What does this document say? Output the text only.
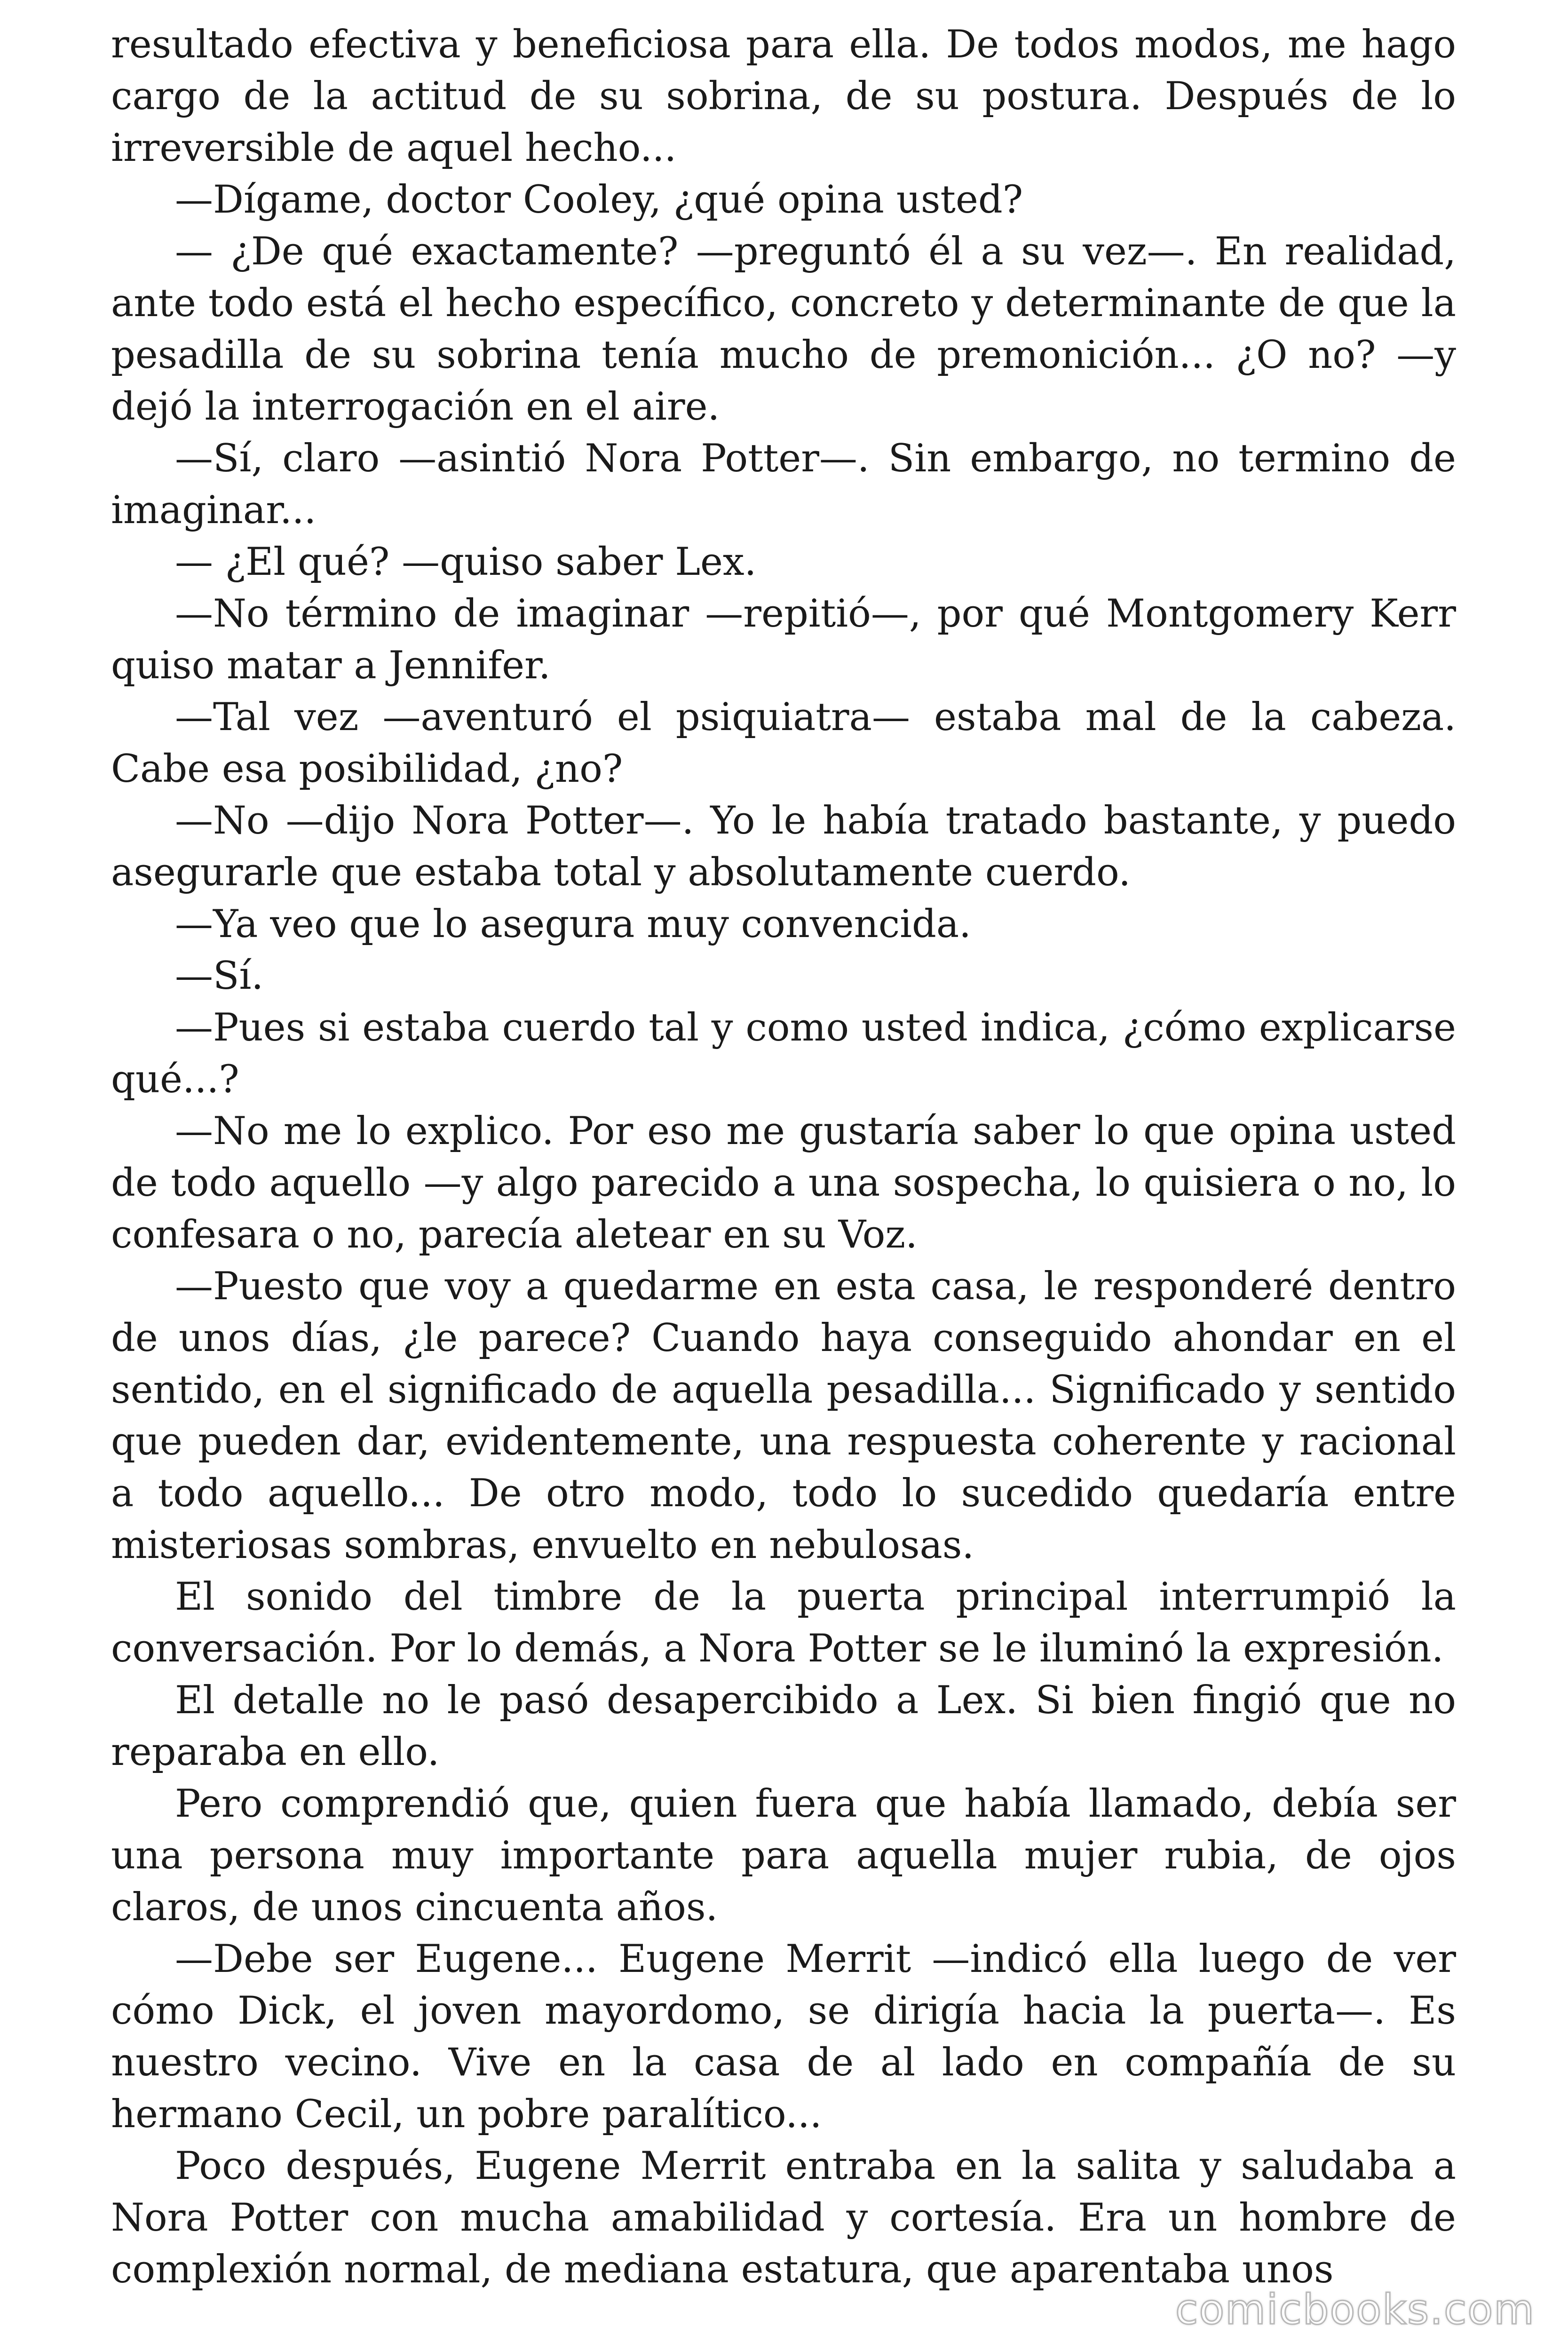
resultado efectiva y beneficiosa para ella. De todos modos, me hago cargo de la actitud de su sobrina, de su postura. Después de lo irreversible de aquel hecho...

—Dígame, doctor Cooley, ¿qué opina usted?

— ¿De qué exactamente? —preguntó él a su vez—. En realidad, ante todo está el hecho específico, concreto y determinante de que la pesadilla de su sobrina tenía mucho de premonición... ¿O no? —y dejó la interrogación en el aire.

—Sí, claro —asintió Nora Potter—. Sin embargo, no termino de imaginar...

— ¿El qué? —quiso saber Lex.

—No término de imaginar —repitió—, por qué Montgomery Kerr quiso matar a Jennifer.

—Tal vez —aventuró el psiquiatra— estaba mal de la cabeza. Cabe esa posibilidad, ¿no?

—No —dijo Nora Potter—. Yo le había tratado bastante, y puedo asegurarle que estaba total y absolutamente cuerdo.

—Ya veo que lo asegura muy convencida.

—Sí.

—Pues si estaba cuerdo tal y como usted indica, ¿cómo explicarse qué...?

—No me lo explico. Por eso me gustaría saber lo que opina usted de todo aquello —y algo parecido a una sospecha, lo quisiera o no, lo confesara o no, parecía aletear en su Voz.

—Puesto que voy a quedarme en esta casa, le responderé dentro de unos días, ¿le parece? Cuando haya conseguido ahondar en el sentido, en el significado de aquella pesadilla... Significado y sentido que pueden dar, evidentemente, una respuesta coherente y racional a todo aquello... De otro modo, todo lo sucedido quedaría entre misteriosas sombras, envuelto en nebulosas.

El sonido del timbre de la puerta principal interrumpió la conversación. Por lo demás, a Nora Potter se le iluminó la expresión.

El detalle no le pasó desapercibido a Lex. Si bien fingió que no reparaba en ello.

Pero comprendió que, quien fuera que había llamado, debía ser una persona muy importante para aquella mujer rubia, de ojos claros, de unos cincuenta años.

—Debe ser Eugene... Eugene Merrit —indicó ella luego de ver cómo Dick, el joven mayordomo, se dirigía hacia la puerta—. Es nuestro vecino. Vive en la casa de al lado en compañía de su hermano Cecil, un pobre paralítico...

Poco después, Eugene Merrit entraba en la salita y saludaba a Nora Potter con mucha amabilidad y cortesía. Era un hombre de complexión normal, de mediana estatura, que aparentaba unos

comicbooks.com
